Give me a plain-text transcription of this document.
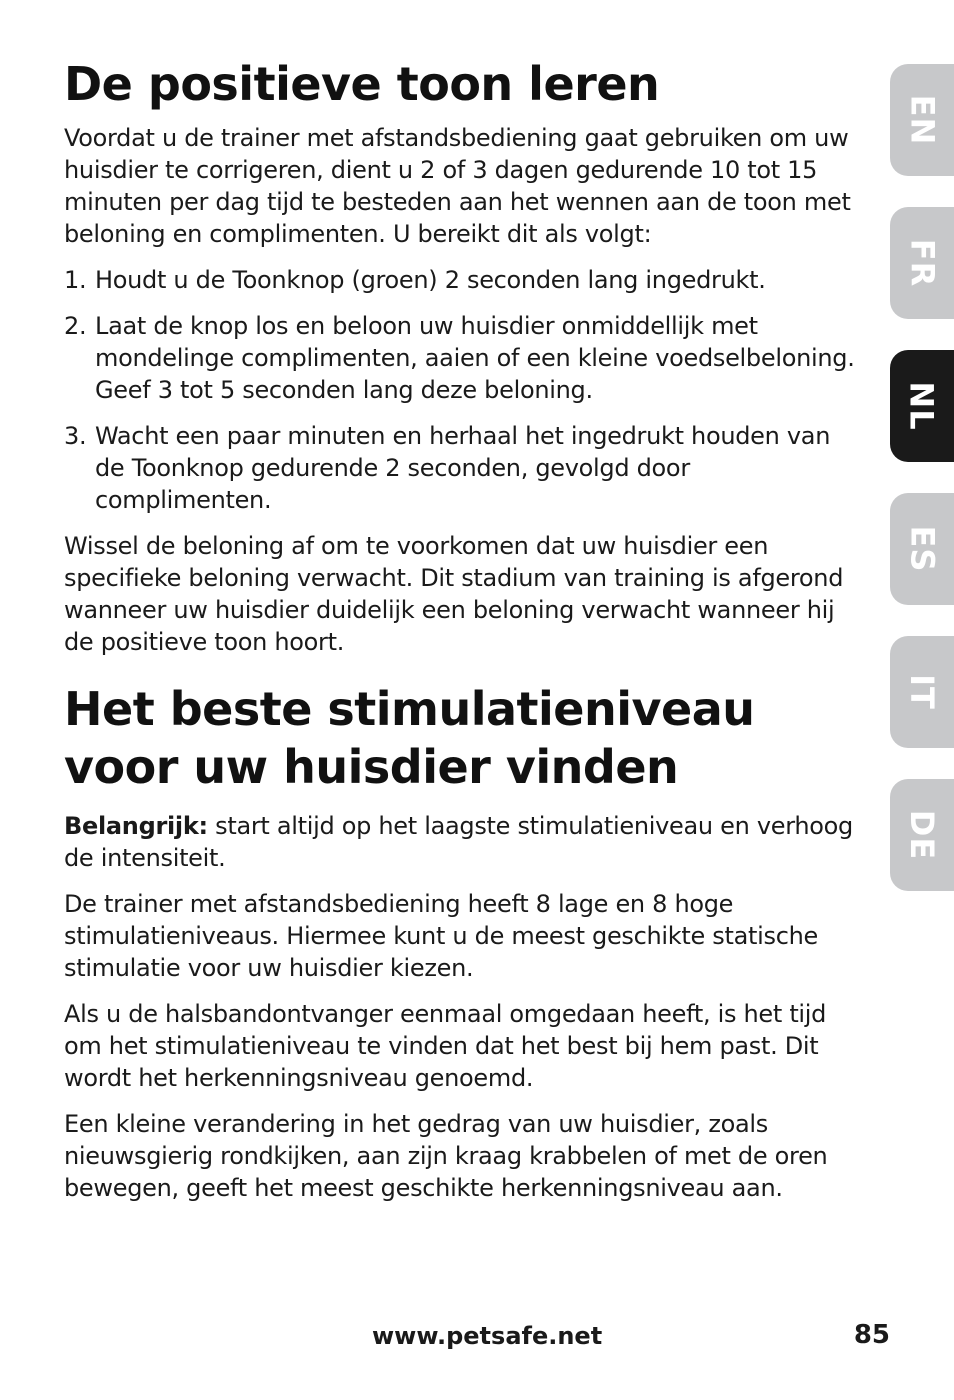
De positieve toon leren

Voordat u de trainer met afstandsbediening gaat gebruiken om uw huisdier te corrigeren, dient u 2 of 3 dagen gedurende 10 tot 15 minuten per dag tijd te besteden aan het wennen aan de toon met beloning en complimenten. U bereikt dit als volgt:

1. Houdt u de Toonknop (groen) 2 seconden lang ingedrukt.
2. Laat de knop los en beloon uw huisdier onmiddellijk met mondelinge complimenten, aaien of een kleine voedselbeloning. Geef 3 tot 5 seconden lang deze beloning.
3. Wacht een paar minuten en herhaal het ingedrukt houden van de Toonknop gedurende 2 seconden, gevolgd door complimenten.

Wissel de beloning af om te voorkomen dat uw huisdier een specifieke beloning verwacht. Dit stadium van training is afgerond wanneer uw huisdier duidelijk een beloning verwacht wanneer hij de positieve toon hoort.

Het beste stimulatieniveau voor uw huisdier vinden

Belangrijk: start altijd op het laagste stimulatieniveau en verhoog de intensiteit.

De trainer met afstandsbediening heeft 8 lage en 8 hoge stimulatieniveaus. Hiermee kunt u de meest geschikte statische stimulatie voor uw huisdier kiezen.

Als u de halsbandontvanger eenmaal omgedaan heeft, is het tijd om het stimulatieniveau te vinden dat het best bij hem past. Dit wordt het herkenningsniveau genoemd.

Een kleine verandering in het gedrag van uw huisdier, zoals nieuwsgierig rondkijken, aan zijn kraag krabbelen of met de oren bewegen, geeft het meest geschikte herkenningsniveau aan.

EN
FR
NL
ES
IT
DE
www.petsafe.net	85
